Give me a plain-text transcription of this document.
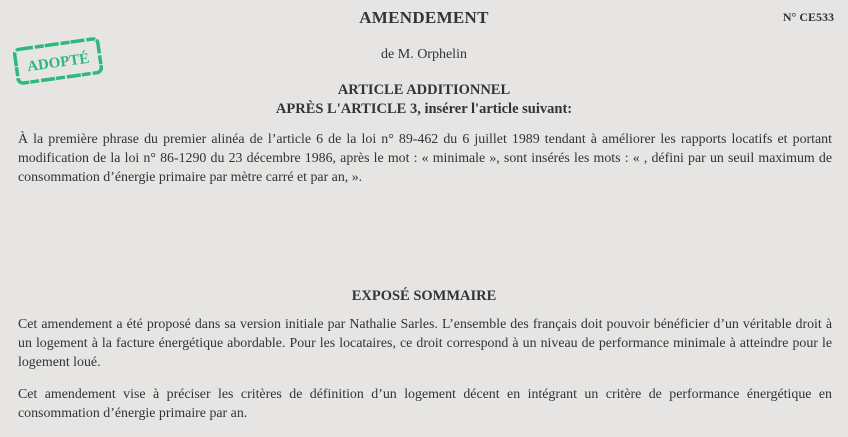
AMENDEMENT	N° CE533
ADOPTÉ	de M. Orphelin
ARTICLE ADDITIONNEL
APRÈS L'ARTICLE 3, insérer l'article suivant:

À la première phrase du premier alinéa de l’article 6 de la loi n° 89-462 du 6 juillet 1989 tendant à améliorer les rapports locatifs et portant modification de la loi n° 86-1290 du 23 décembre 1986, après le mot : « minimale », sont insérés les mots : « , défini par un seuil maximum de consommation d’énergie primaire par mètre carré et par an, ».

EXPOSÉ SOMMAIRE

Cet amendement a été proposé dans sa version initiale par Nathalie Sarles. L’ensemble des français doit pouvoir bénéficier d’un véritable droit à un logement à la facture énergétique abordable. Pour les locataires, ce droit correspond à un niveau de performance minimale à atteindre pour le logement loué.

Cet amendement vise à préciser les critères de définition d’un logement décent en intégrant un critère de performance énergétique en consommation d’énergie primaire par an.
